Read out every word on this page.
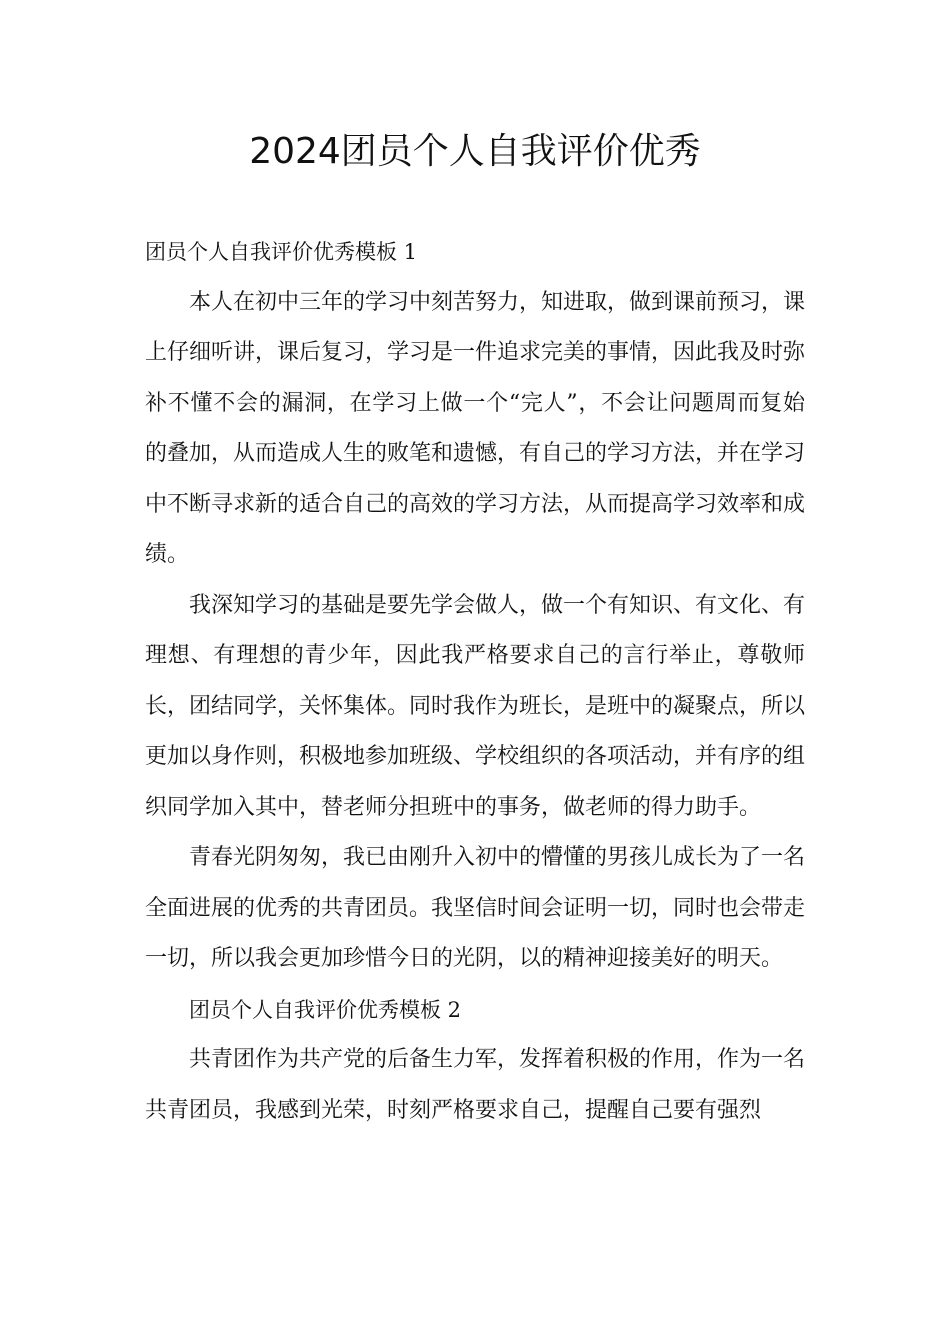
2024团员个人自我评价优秀

团员个人自我评价优秀模板 1

本人在初中三年的学习中刻苦努力，知进取，做到课前预习，课上仔细听讲，课后复习，学习是一件追求完美的事情，因此我及时弥补不懂不会的漏洞，在学习上做一个“完人”，不会让问题周而复始的叠加，从而造成人生的败笔和遗憾，有自己的学习方法，并在学习中不断寻求新的适合自己的高效的学习方法，从而提高学习效率和成绩。

我深知学习的基础是要先学会做人，做一个有知识、有文化、有理想、有理想的青少年，因此我严格要求自己的言行举止，尊敬师长，团结同学，关怀集体。同时我作为班长，是班中的凝聚点，所以更加以身作则，积极地参加班级、学校组织的各项活动，并有序的组织同学加入其中，替老师分担班中的事务，做老师的得力助手。

青春光阴匆匆，我已由刚升入初中的懵懂的男孩儿成长为了一名全面进展的优秀的共青团员。我坚信时间会证明一切，同时也会带走一切，所以我会更加珍惜今日的光阴，以的精神迎接美好的明天。

团员个人自我评价优秀模板 2

共青团作为共产党的后备生力军，发挥着积极的作用，作为一名共青团员，我感到光荣，时刻严格要求自己，提醒自己要有强烈
